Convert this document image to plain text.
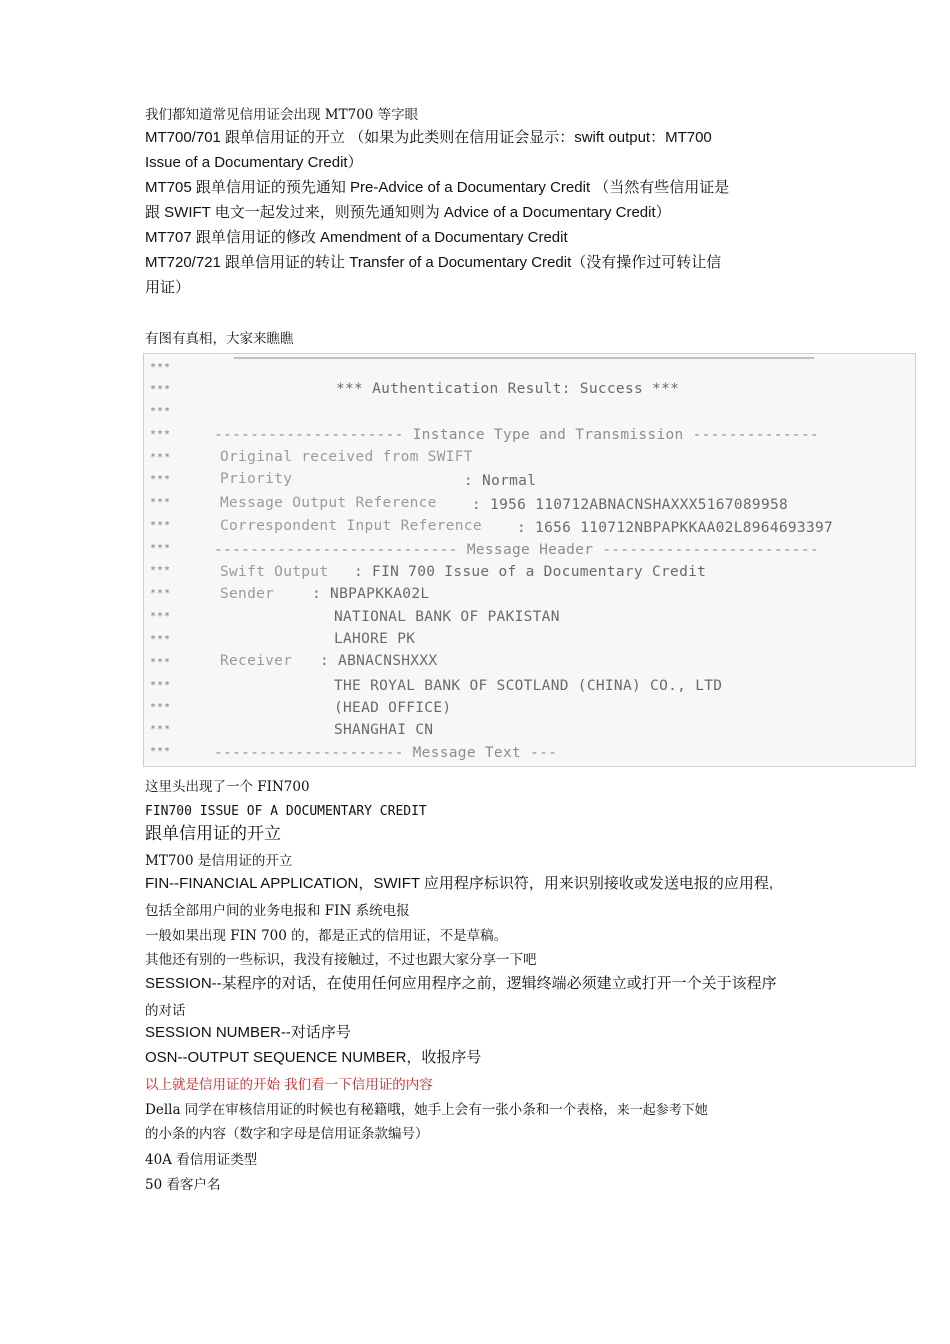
我们都知道常见信用证会出现 MT700 等字眼
MT700/701 跟单信用证的开立 （如果为此类则在信用证会显示：swift output：MT700
Issue of a Documentary Credit）
MT705 跟单信用证的预先通知 Pre-Advice of a Documentary Credit （当然有些信用证是
跟 SWIFT 电文一起发过来，则预先通知则为 Advice of a Documentary Credit）
MT707 跟单信用证的修改 Amendment of a Documentary Credit
MT720/721 跟单信用证的转让 Transfer of a Documentary Credit（没有操作过可转让信
用证）
有图有真相，大家来瞧瞧
***
***
***
***
***
***
***
***
***
***
***
***
***
***
***
***
***
***
*** Authentication Result: Success ***
--------------------- Instance Type and Transmission --------------
Original received from SWIFT
Priority	: Normal
Message Output Reference : 1956 110712ABNACNSHAXXX5167089958
Correspondent Input Reference : 1656 110712NBPAPKKAA02L8964693397
--------------------------- Message Header ------------------------
Swift Output : FIN 700 Issue of a Documentary Credit
Sender	: NBPAPKKA02L
NATIONAL BANK OF PAKISTAN
LAHORE PK
Receiver : ABNACNSHXXX
THE ROYAL BANK OF SCOTLAND (CHINA) CO., LTD
(HEAD OFFICE)
SHANGHAI CN
--------------------- Message Text ---
这里头出现了一个 FIN700
FIN700 ISSUE OF A DOCUMENTARY CREDIT
跟单信用证的开立
MT700 是信用证的开立
FIN--FINANCIAL APPLICATION，SWIFT 应用程序标识符，用来识别接收或发送电报的应用程,
包括全部用户间的业务电报和 FIN 系统电报
一般如果出现 FIN 700 的，都是正式的信用证，不是草稿。
其他还有别的一些标识，我没有接触过，不过也跟大家分享一下吧
SESSION--某程序的对话，在使用任何应用程序之前，逻辑终端必须建立或打开一个关于该程序
的对话
SESSION NUMBER--对话序号
OSN--OUTPUT SEQUENCE NUMBER，收报序号
以上就是信用证的开始 我们看一下信用证的内容
Della 同学在审核信用证的时候也有秘籍哦，她手上会有一张小条和一个表格，来一起参考下她
的小条的内容（数字和字母是信用证条款编号）
40A 看信用证类型
50 看客户名
